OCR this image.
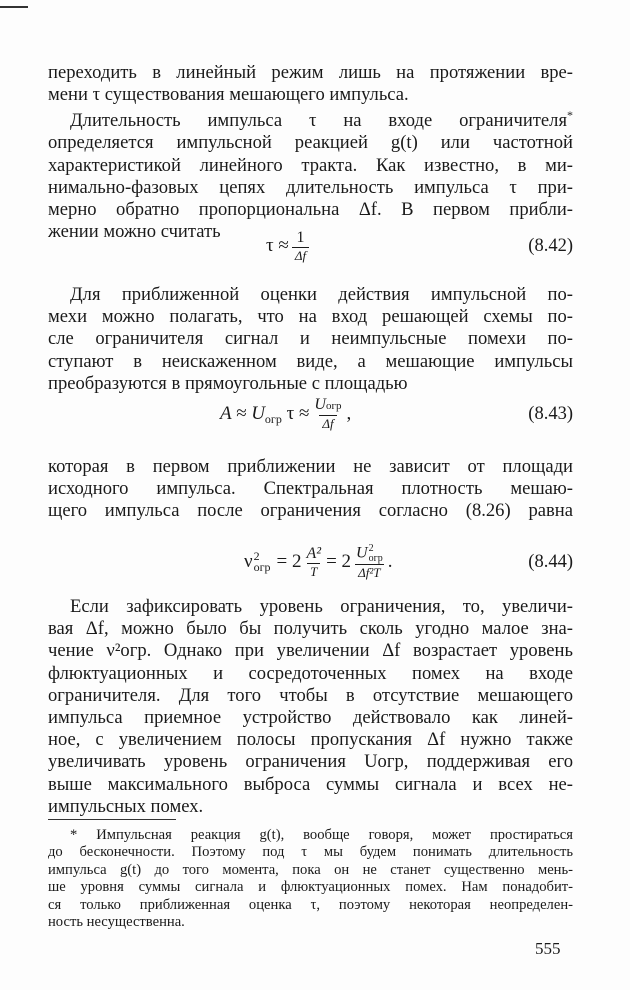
переходить в линейный режим лишь на протяжении вре-
мени τ существования мешающего импульса.
Длительность импульса τ на входе ограничителя*
определяется импульсной реакцией g(t) или частотной
характеристикой линейного тракта. Как известно, в ми-
нимально-фазовых цепях длительность импульса τ при-
мерно обратно пропорциональна Δf. В первом прибли-
жении можно считать
$\tau \approx \frac{1}{\Delta f}$	(8.42)
Для приближенной оценки действия импульсной по-
мехи можно полагать, что на вход решающей схемы по-
сле ограничителя сигнал и неимпульсные помехи по-
ступают в неискаженном виде, а мешающие импульсы
преобразуются в прямоугольные с площадью
A ≈ U огр
$\tau \approx \frac{\text{Uогр}}{\Delta f}$ ,	(8.43)
которая в первом приближении не зависит от площади
исходного импульса. Спектральная плотность мешаю-
щего импульса после ограничения согласно (8.26) равна
ν 2
огр = $2 \frac{\text{A²}}{T} = 2$ U 2
огр
Δf²T .	(8.44)
Если зафиксировать уровень ограничения, то, увеличи-
вая Δf, можно было бы получить сколь угодно малое зна-
чение ν²огр. Однако при увеличении Δf возрастает уровень
флюктуационных и сосредоточенных помех на входе
ограничителя. Для того чтобы в отсутствие мешающего
импульса приемное устройство действовало как линей-
ное, с увеличением полосы пропускания Δf нужно также
увеличивать уровень ограничения Uогр, поддерживая его
выше максимального выброса суммы сигнала и всех не-
импульсных помех.
* Импульсная реакция g(t), вообще говоря, может простираться
до бесконечности. Поэтому под τ мы будем понимать длительность
импульса g(t) до того момента, пока он не станет существенно мень-
ше уровня суммы сигнала и флюктуационных помех. Нам понадобит-
ся только приближенная оценка τ, поэтому некоторая неопределен-
ность несущественна.
555
